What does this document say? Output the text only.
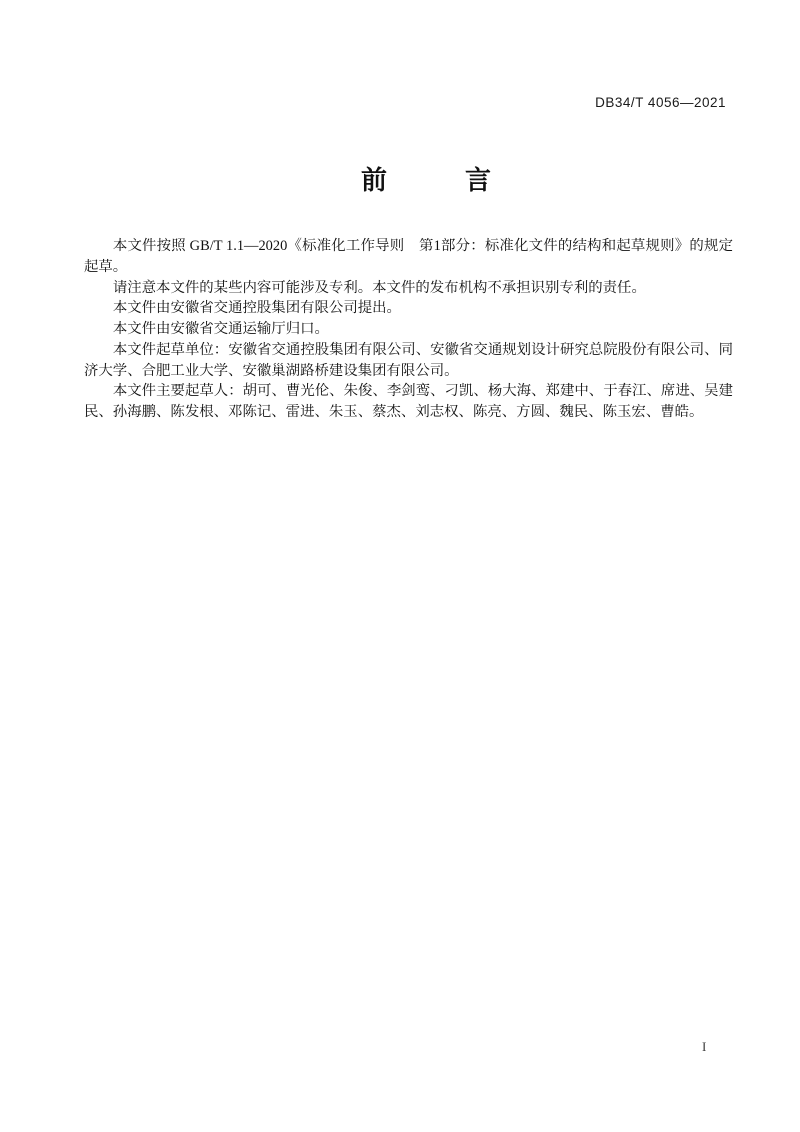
DB34/T 4056—2021
前　　　言

本文件按照 GB/T 1.1—2020《标准化工作导则　第1部分：标准化文件的结构和起草规则》的规定起草。

请注意本文件的某些内容可能涉及专利。本文件的发布机构不承担识别专利的责任。

本文件由安徽省交通控股集团有限公司提出。

本文件由安徽省交通运输厅归口。

本文件起草单位：安徽省交通控股集团有限公司、安徽省交通规划设计研究总院股份有限公司、同济大学、合肥工业大学、安徽巢湖路桥建设集团有限公司。

本文件主要起草人：胡可、曹光伦、朱俊、李剑鸾、刁凯、杨大海、郑建中、于春江、席进、吴建民、孙海鹏、陈发根、邓陈记、雷进、朱玉、蔡杰、刘志权、陈亮、方圆、魏民、陈玉宏、曹皓。

I
